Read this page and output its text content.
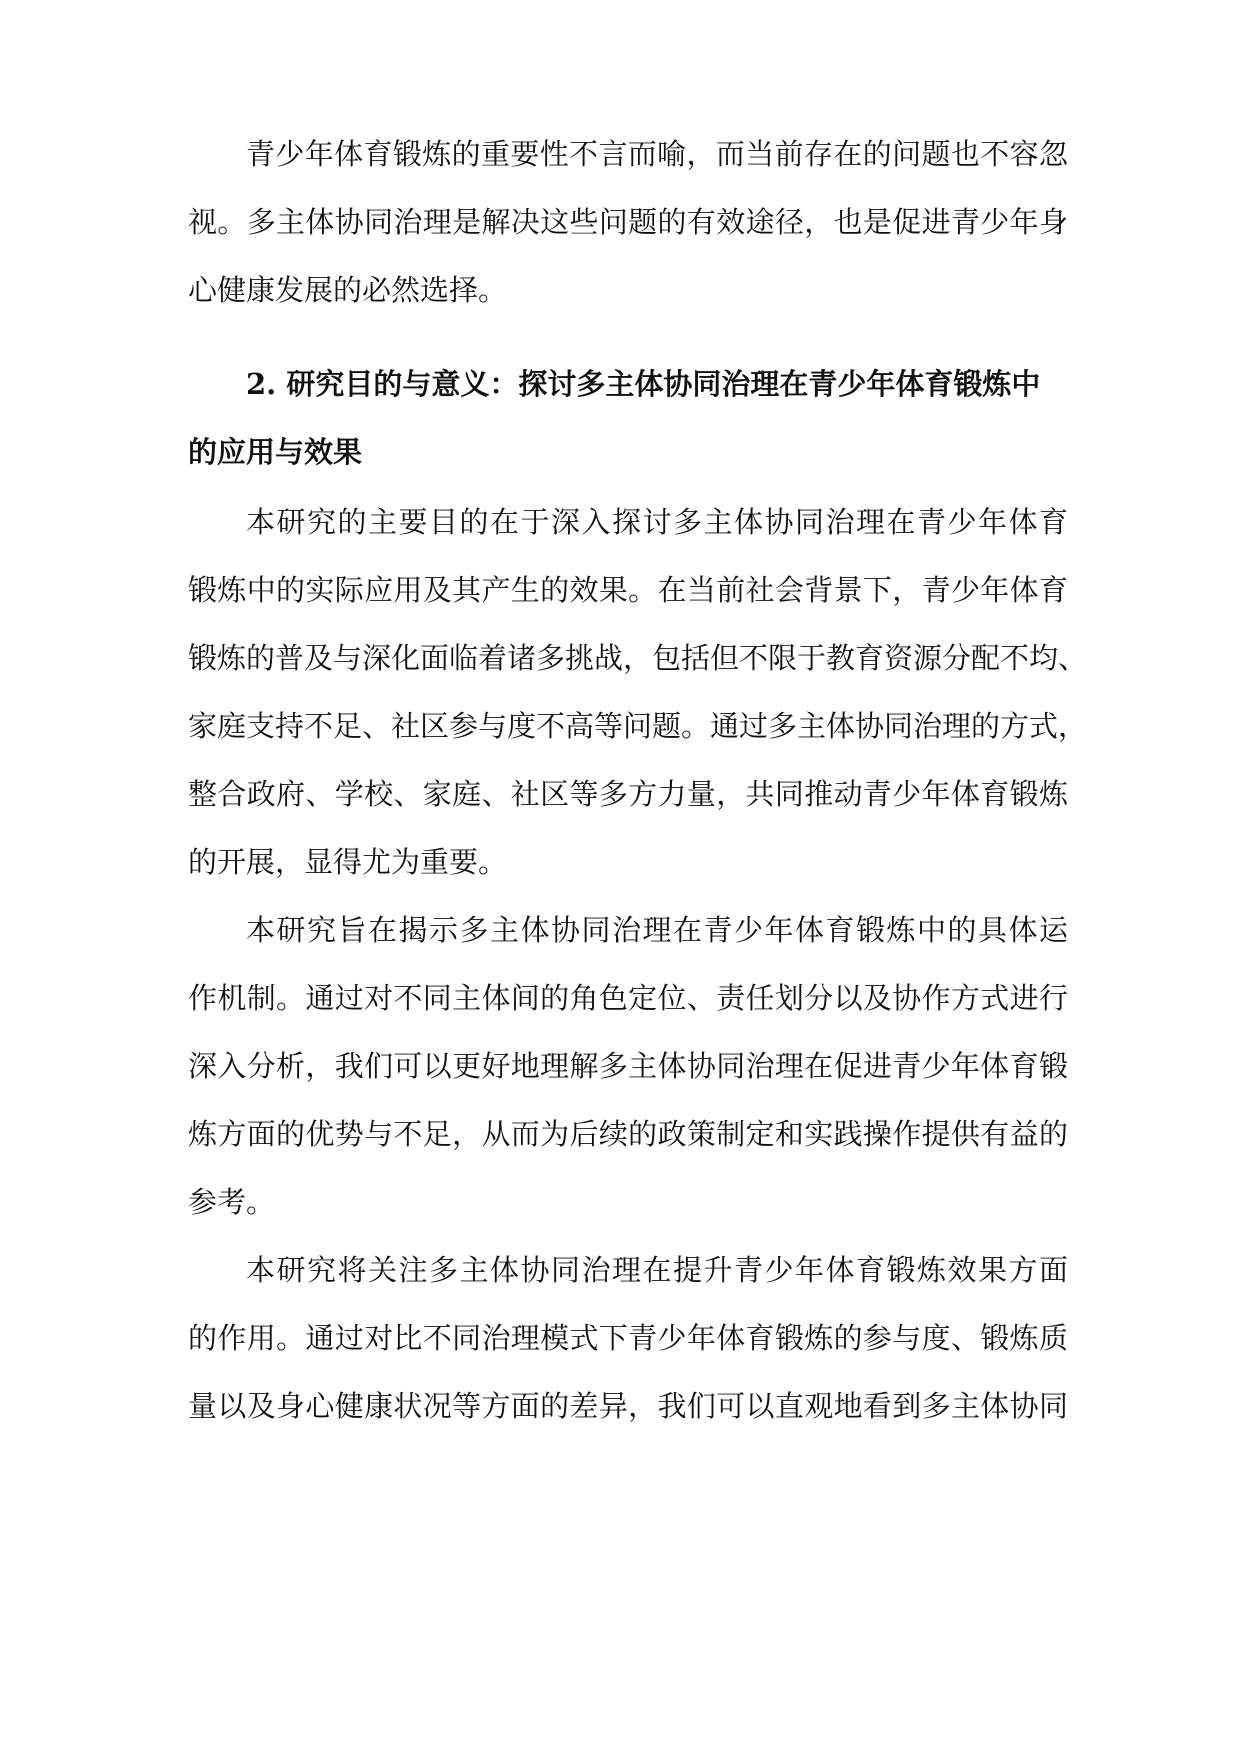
青少年体育锻炼的重要性不言而喻，而当前存在的问题也不容忽
视。多主体协同治理是解决这些问题的有效途径，也是促进青少年身
心健康发展的必然选择。
2. 研究目的与意义：探讨多主体协同治理在青少年体育锻炼中
的应用与效果
本研究的主要目的在于深入探讨多主体协同治理在青少年体育
锻炼中的实际应用及其产生的效果。在当前社会背景下，青少年体育
锻炼的普及与深化面临着诸多挑战，包括但不限于教育资源分配不均、
家庭支持不足、社区参与度不高等问题。通过多主体协同治理的方式，
整合政府、学校、家庭、社区等多方力量，共同推动青少年体育锻炼
的开展，显得尤为重要。
本研究旨在揭示多主体协同治理在青少年体育锻炼中的具体运
作机制。通过对不同主体间的角色定位、责任划分以及协作方式进行
深入分析，我们可以更好地理解多主体协同治理在促进青少年体育锻
炼方面的优势与不足，从而为后续的政策制定和实践操作提供有益的
参考。
本研究将关注多主体协同治理在提升青少年体育锻炼效果方面
的作用。通过对比不同治理模式下青少年体育锻炼的参与度、锻炼质
量以及身心健康状况等方面的差异，我们可以直观地看到多主体协同
